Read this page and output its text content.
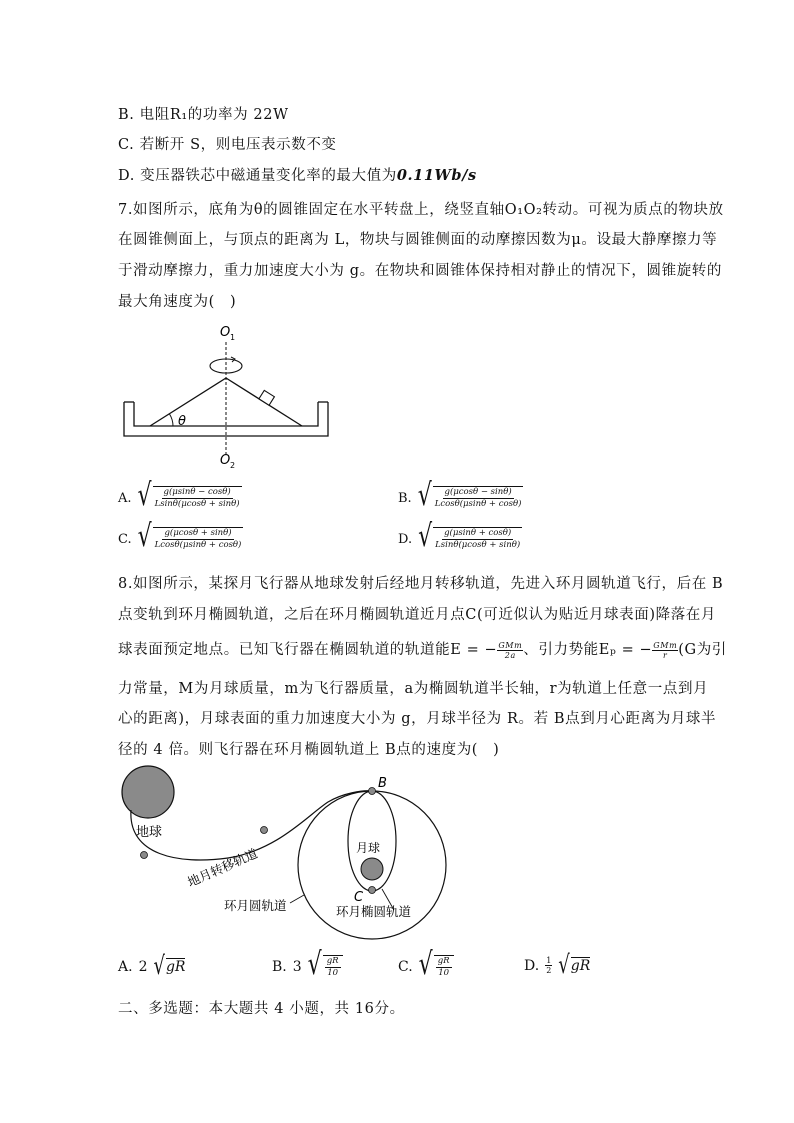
B. 电阻R₁的功率为 22W
C. 若断开 S，则电压表示数不变
D. 变压器铁芯中磁通量变化率的最大值为0.11Wb/s
7.如图所示，底角为θ的圆锥固定在水平转盘上，绕竖直轴O₁O₂转动。可视为质点的物块放
在圆锥侧面上，与顶点的距离为 L，物块与圆锥侧面的动摩擦因数为μ。设最大静摩擦力等
于滑动摩擦力，重力加速度大小为 g。在物块和圆锥体保持相对静止的情况下，圆锥旋转的
最大角速度为(　)
θ
O 1
O 2
A. √ $\frac{g(\mu\sin\theta - \cos\theta)}{Lsin\theta(\mu\cos\theta + \sin\theta)}$	B. √ $\frac{g(\mu\cos\theta - \sin\theta)}{Lcos\theta(\mu\sin\theta + \cos\theta)}$
C. √ $\frac{g(\mu\cos\theta + \sin\theta)}{Lcos\theta(\mu\sin\theta + \cos\theta)}$	D. √ $\frac{g(\mu\sin\theta + \cos\theta)}{Lsin\theta(\mu\cos\theta + \sin\theta)}$
8.如图所示，某探月飞行器从地球发射后经地月转移轨道，先进入环月圆轨道飞行，后在 B
点变轨到环月椭圆轨道，之后在环月椭圆轨道近月点C(可近似认为贴近月球表面)降落在月
球表面预定地点。已知飞行器在椭圆轨道的轨道能E = − $\frac{\text{GMm}}{2a}$ 、引力势能Eₚ = − $\frac{\text{GMm}}{r} (G$为引
力常量，M为月球质量，m为飞行器质量，a为椭圆轨道半长轴，r为轨道上任意一点到月
心的距离)，月球表面的重力加速度大小为 g，月球半径为 R。若 B点到月心距离为月球半
径的 4 倍。则飞行器在环月椭圆轨道上 B点的速度为(　)
地球
B
月球
C
环月圆轨道	环月椭圆轨道
地月转移轨道
A. 2 √ gR	B. 3 √ $\frac{gR}{10}$	C. √ $\frac{gR}{10}$	D. $\frac{1}{2}$ √ gR
二、多选题：本大题共 4 小题，共 16分。
